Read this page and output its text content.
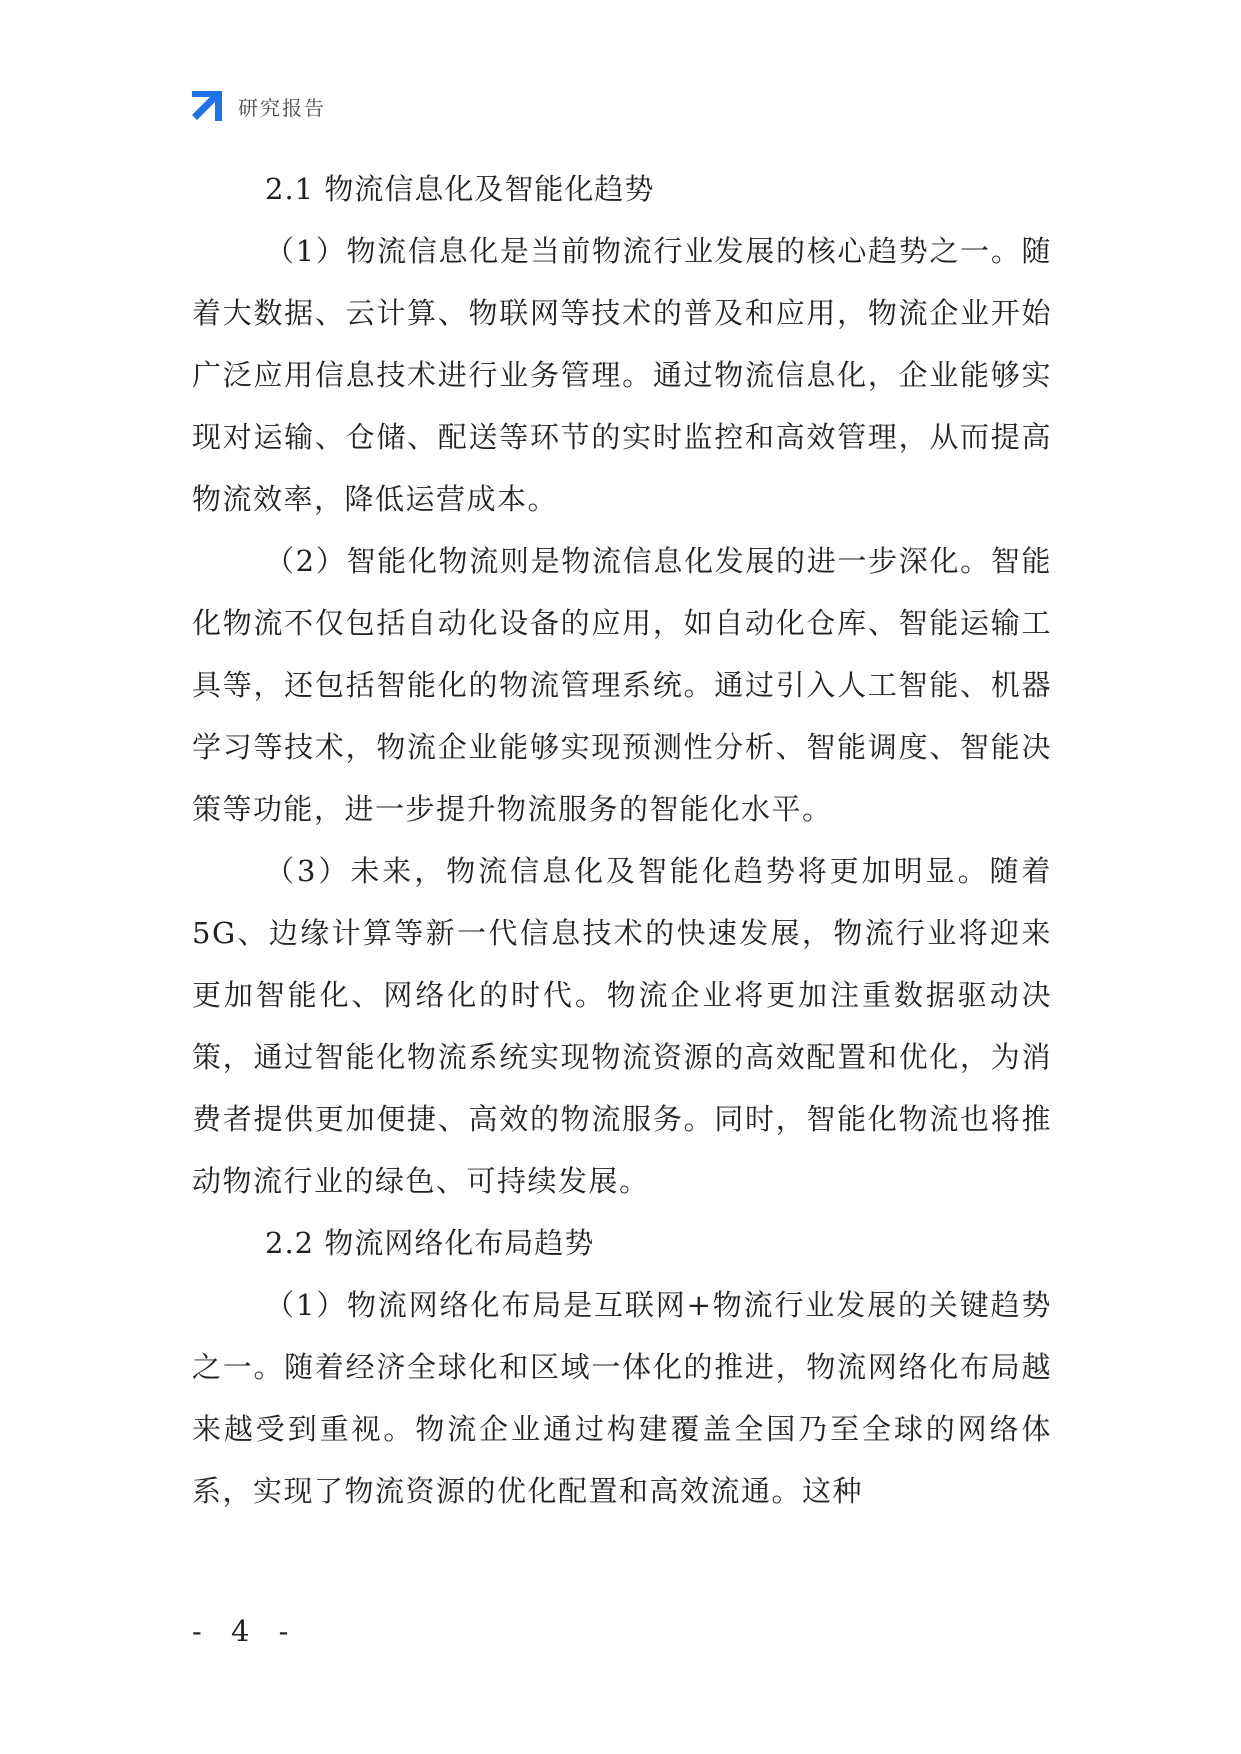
研究报告
2.1 物流信息化及智能化趋势

（1）物流信息化是当前物流行业发展的核心趋势之一。随着大数据、云计算、物联网等技术的普及和应用，物流企业开始广泛应用信息技术进行业务管理。通过物流信息化，企业能够实现对运输、仓储、配送等环节的实时监控和高效管理，从而提高物流效率，降低运营成本。

（2）智能化物流则是物流信息化发展的进一步深化。智能化物流不仅包括自动化设备的应用，如自动化仓库、智能运输工具等，还包括智能化的物流管理系统。通过引入人工智能、机器学习等技术，物流企业能够实现预测性分析、智能调度、智能决策等功能，进一步提升物流服务的智能化水平。

（3）未来，物流信息化及智能化趋势将更加明显。随着5G、边缘计算等新一代信息技术的快速发展，物流行业将迎来更加智能化、网络化的时代。物流企业将更加注重数据驱动决策，通过智能化物流系统实现物流资源的高效配置和优化，为消费者提供更加便捷、高效的物流服务。同时，智能化物流也将推动物流行业的绿色、可持续发展。

2.2 物流网络化布局趋势

（1）物流网络化布局是互联网+物流行业发展的关键趋势之一。随着经济全球化和区域一体化的推进，物流网络化布局越来越受到重视。物流企业通过构建覆盖全国乃至全球的网络体系，实现了物流资源的优化配置和高效流通。这种

- 4 -
